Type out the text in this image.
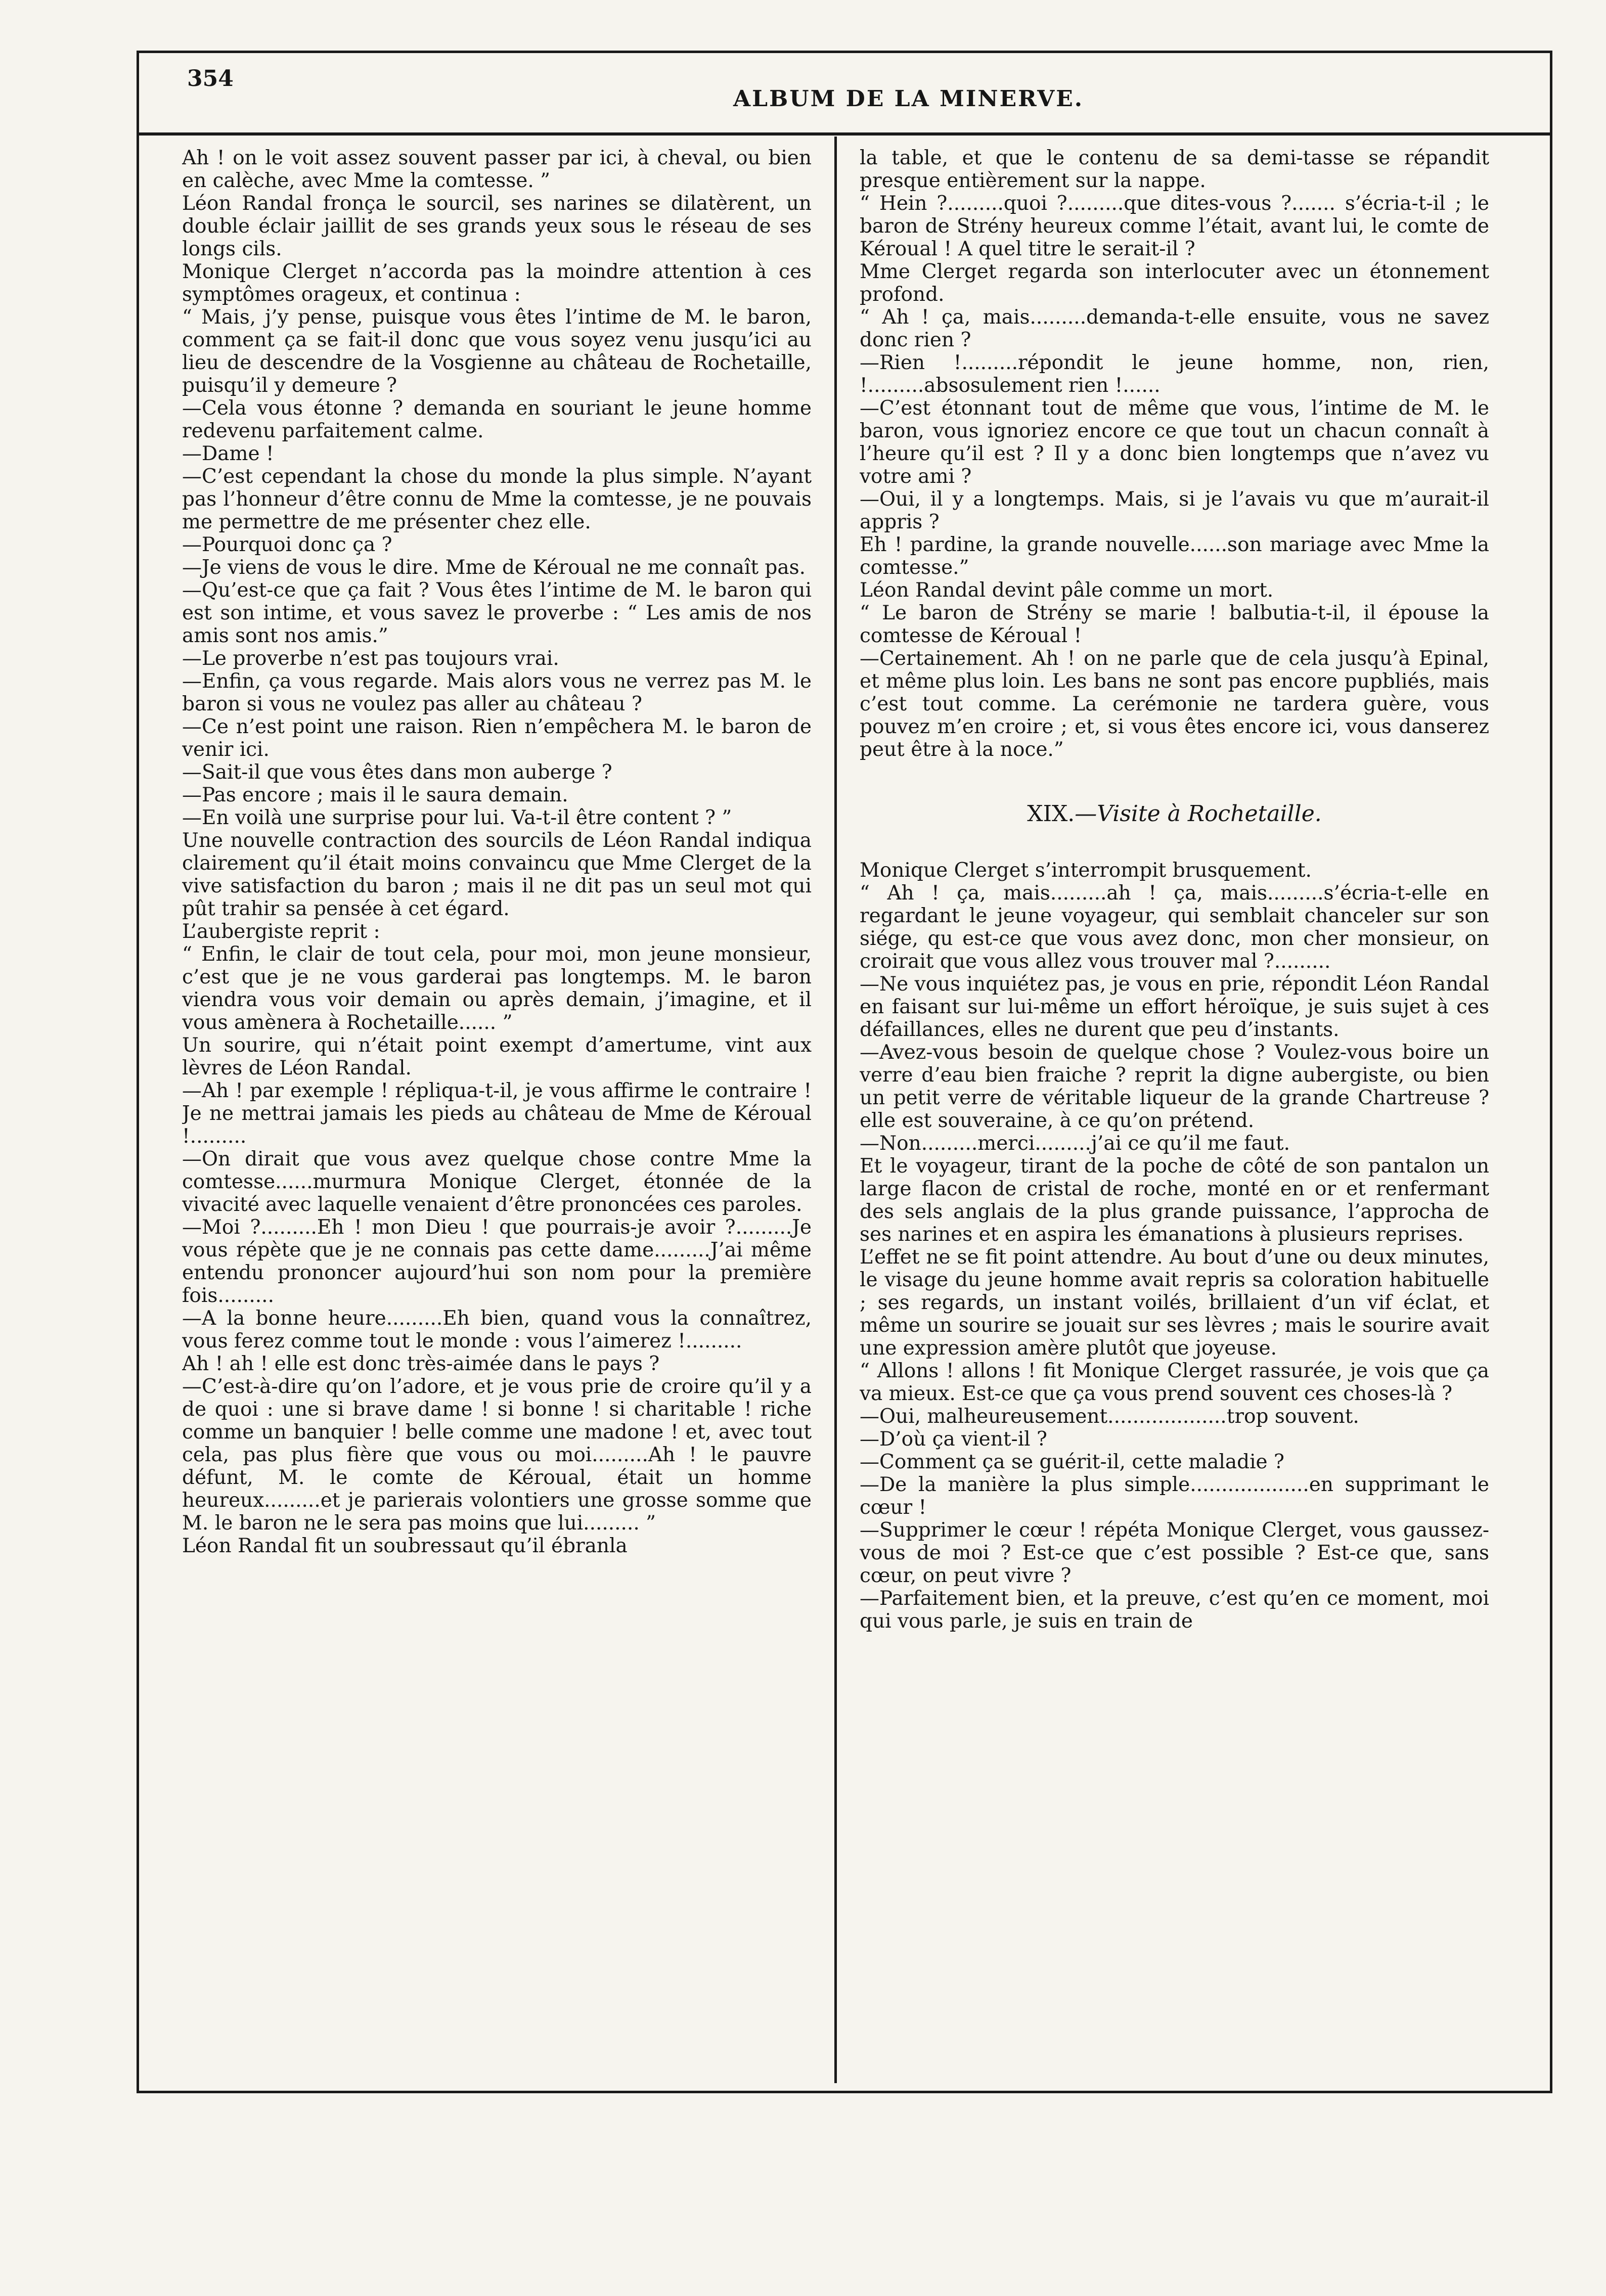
354
ALBUM DE LA MINERVE.

Ah ! on le voit assez souvent passer par ici, à cheval, ou bien en calèche, avec Mme la comtesse. ”

Léon Randal fronça le sourcil, ses narines se dilatèrent, un double éclair jaillit de ses grands yeux sous le réseau de ses longs cils.

Monique Clerget n’accorda pas la moindre attention à ces symptômes orageux, et continua :

“ Mais, j’y pense, puisque vous êtes l’intime de M. le baron, comment ça se fait-il donc que vous soyez venu jusqu’ici au lieu de descendre de la Vosgienne au château de Rochetaille, puisqu’il y demeure ?

—Cela vous étonne ? demanda en souriant le jeune homme redevenu parfaitement calme.

—Dame !

—C’est cependant la chose du monde la plus simple. N’ayant pas l’honneur d’être connu de Mme la comtesse, je ne pouvais me permettre de me présenter chez elle.

—Pourquoi donc ça ?

—Je viens de vous le dire. Mme de Kéroual ne me connaît pas.

—Qu’est-ce que ça fait ? Vous êtes l’intime de M. le baron qui est son intime, et vous savez le proverbe : “ Les amis de nos amis sont nos amis.”

—Le proverbe n’est pas toujours vrai.

—Enfin, ça vous regarde. Mais alors vous ne verrez pas M. le baron si vous ne voulez pas aller au château ?

—Ce n’est point une raison. Rien n’empêchera M. le baron de venir ici.

—Sait-il que vous êtes dans mon auberge ?

—Pas encore ; mais il le saura demain.

—En voilà une surprise pour lui. Va-t-il être content ? ”

Une nouvelle contraction des sourcils de Léon Randal indiqua clairement qu’il était moins convaincu que Mme Clerget de la vive satisfaction du baron ; mais il ne dit pas un seul mot qui pût trahir sa pensée à cet égard.

L’aubergiste reprit :

“ Enfin, le clair de tout cela, pour moi, mon jeune monsieur, c’est que je ne vous garderai pas longtemps. M. le baron viendra vous voir demain ou après demain, j’imagine, et il vous amènera à Rochetaille...... ”

Un sourire, qui n’était point exempt d’amertume, vint aux lèvres de Léon Randal.

—Ah ! par exemple ! répliqua-t-il, je vous affirme le contraire ! Je ne mettrai jamais les pieds au château de Mme de Kéroual !.........

—On dirait que vous avez quelque chose contre Mme la comtesse......murmura Monique Clerget, étonnée de la vivacité avec laquelle venaient d’être prononcées ces paroles.

—Moi ?.........Eh ! mon Dieu ! que pourrais-je avoir ?.........Je vous répète que je ne connais pas cette dame.........J’ai même entendu prononcer aujourd’hui son nom pour la première fois.........

—A la bonne heure.........Eh bien, quand vous la connaîtrez, vous ferez comme tout le monde : vous l’aimerez !.........

Ah ! ah ! elle est donc très-aimée dans le pays ?

—C’est-à-dire qu’on l’adore, et je vous prie de croire qu’il y a de quoi : une si brave dame ! si bonne ! si charitable ! riche comme un banquier ! belle comme une madone ! et, avec tout cela, pas plus fière que vous ou moi.........Ah ! le pauvre défunt, M. le comte de Kéroual, était un homme heureux.........et je parierais volontiers une grosse somme que M. le baron ne le sera pas moins que lui......... ”

Léon Randal fit un soubressaut qu’il ébranla

la table, et que le contenu de sa demi-tasse se répandit presque entièrement sur la nappe.

“ Hein ?.........quoi ?.........que dites-vous ?....... s’écria-t-il ; le baron de Strény heureux comme l’était, avant lui, le comte de Kéroual ! A quel titre le serait-il ?

Mme Clerget regarda son interlocuter avec un étonnement profond.

“ Ah ! ça, mais.........demanda-t-elle ensuite, vous ne savez donc rien ?

—Rien !.........répondit le jeune homme, non, rien, !.........absosulement rien !......

—C’est étonnant tout de même que vous, l’intime de M. le baron, vous ignoriez encore ce que tout un chacun connaît à l’heure qu’il est ? Il y a donc bien longtemps que n’avez vu votre ami ?

—Oui, il y a longtemps. Mais, si je l’avais vu que m’aurait-il appris ?

Eh ! pardine, la grande nouvelle......son mariage avec Mme la comtesse.”

Léon Randal devint pâle comme un mort.

“ Le baron de Strény se marie ! balbutia-t-il, il épouse la comtesse de Kéroual !

—Certainement. Ah ! on ne parle que de cela jusqu’à Epinal, et même plus loin. Les bans ne sont pas encore pupbliés, mais c’est tout comme. La cerémonie ne tardera guère, vous pouvez m’en croire ; et, si vous êtes encore ici, vous danserez peut être à la noce.”

XIX.—Visite à Rochetaille.

Monique Clerget s’interrompit brusquement.

“ Ah ! ça, mais.........ah ! ça, mais.........s’écria-t-elle en regardant le jeune voyageur, qui semblait chanceler sur son siége, qu est-ce que vous avez donc, mon cher monsieur, on croirait que vous allez vous trouver mal ?.........

—Ne vous inquiétez pas, je vous en prie, répondit Léon Randal en faisant sur lui-même un effort héroïque, je suis sujet à ces défaillances, elles ne durent que peu d’instants.

—Avez-vous besoin de quelque chose ? Voulez-vous boire un verre d’eau bien fraiche ? reprit la digne aubergiste, ou bien un petit verre de véritable liqueur de la grande Chartreuse ? elle est souveraine, à ce qu’on prétend.

—Non.........merci.........j’ai ce qu’il me faut.

Et le voyageur, tirant de la poche de côté de son pantalon un large flacon de cristal de roche, monté en or et renfermant des sels anglais de la plus grande puissance, l’approcha de ses narines et en aspira les émanations à plusieurs reprises.

L’effet ne se fit point attendre. Au bout d’une ou deux minutes, le visage du jeune homme avait repris sa coloration habituelle ; ses regards, un instant voilés, brillaient d’un vif éclat, et même un sourire se jouait sur ses lèvres ; mais le sourire avait une expression amère plutôt que joyeuse.

“ Allons ! allons ! fit Monique Clerget rassurée, je vois que ça va mieux. Est-ce que ça vous prend souvent ces choses-là ?

—Oui, malheureusement...................trop souvent.

—D’où ça vient-il ?

—Comment ça se guérit-il, cette maladie ?

—De la manière la plus simple...................en supprimant le cœur !

—Supprimer le cœur ! répéta Monique Clerget, vous gaussez-vous de moi ? Est-ce que c’est possible ? Est-ce que, sans cœur, on peut vivre ?

—Parfaitement bien, et la preuve, c’est qu’en ce moment, moi qui vous parle, je suis en train de
